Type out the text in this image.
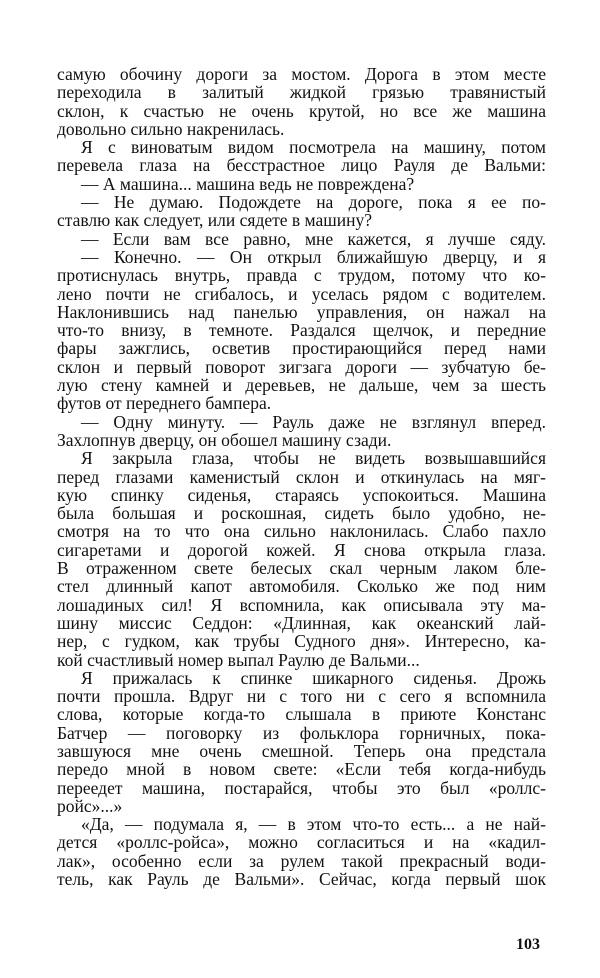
самую обочину дороги за мостом. Дорога в этом месте
переходила в залитый жидкой грязью травянистый
склон, к счастью не очень крутой, но все же машина
довольно сильно накренилась.
Я с виноватым видом посмотрела на машину, потом
перевела глаза на бесстрастное лицо Рауля де Вальми:
— А машина... машина ведь не повреждена?
— Не думаю. Подождете на дороге, пока я ее по-
ставлю как следует, или сядете в машину?
— Если вам все равно, мне кажется, я лучше сяду.
— Конечно. — Он открыл ближайшую дверцу, и я
протиснулась внутрь, правда с трудом, потому что ко-
лено почти не сгибалось, и уселась рядом с водителем.
Наклонившись над панелью управления, он нажал на
что-то внизу, в темноте. Раздался щелчок, и передние
фары зажглись, осветив простирающийся перед нами
склон и первый поворот зигзага дороги — зубчатую бе-
лую стену камней и деревьев, не дальше, чем за шесть
футов от переднего бампера.
— Одну минуту. — Рауль даже не взглянул вперед.
Захлопнув дверцу, он обошел машину сзади.
Я закрыла глаза, чтобы не видеть возвышавшийся
перед глазами каменистый склон и откинулась на мяг-
кую спинку сиденья, стараясь успокоиться. Машина
была большая и роскошная, сидеть было удобно, не-
смотря на то что она сильно наклонилась. Слабо пахло
сигаретами и дорогой кожей. Я снова открыла глаза.
В отраженном свете белесых скал черным лаком бле-
стел длинный капот автомобиля. Сколько же под ним
лошадиных сил! Я вспомнила, как описывала эту ма-
шину миссис Седдон: «Длинная, как океанский лай-
нер, с гудком, как трубы Судного дня». Интересно, ка-
кой счастливый номер выпал Раулю де Вальми...
Я прижалась к спинке шикарного сиденья. Дрожь
почти прошла. Вдруг ни с того ни с сего я вспомнила
слова, которые когда-то слышала в приюте Констанс
Батчер — поговорку из фольклора горничных, пока-
завшуюся мне очень смешной. Теперь она предстала
передо мной в новом свете: «Если тебя когда-нибудь
переедет машина, постарайся, чтобы это был «роллс-
ройс»...»
«Да, — подумала я, — в этом что-то есть... а не най-
дется «роллс-ройса», можно согласиться и на «кадил-
лак», особенно если за рулем такой прекрасный води-
тель, как Рауль де Вальми». Сейчас, когда первый шок
103
